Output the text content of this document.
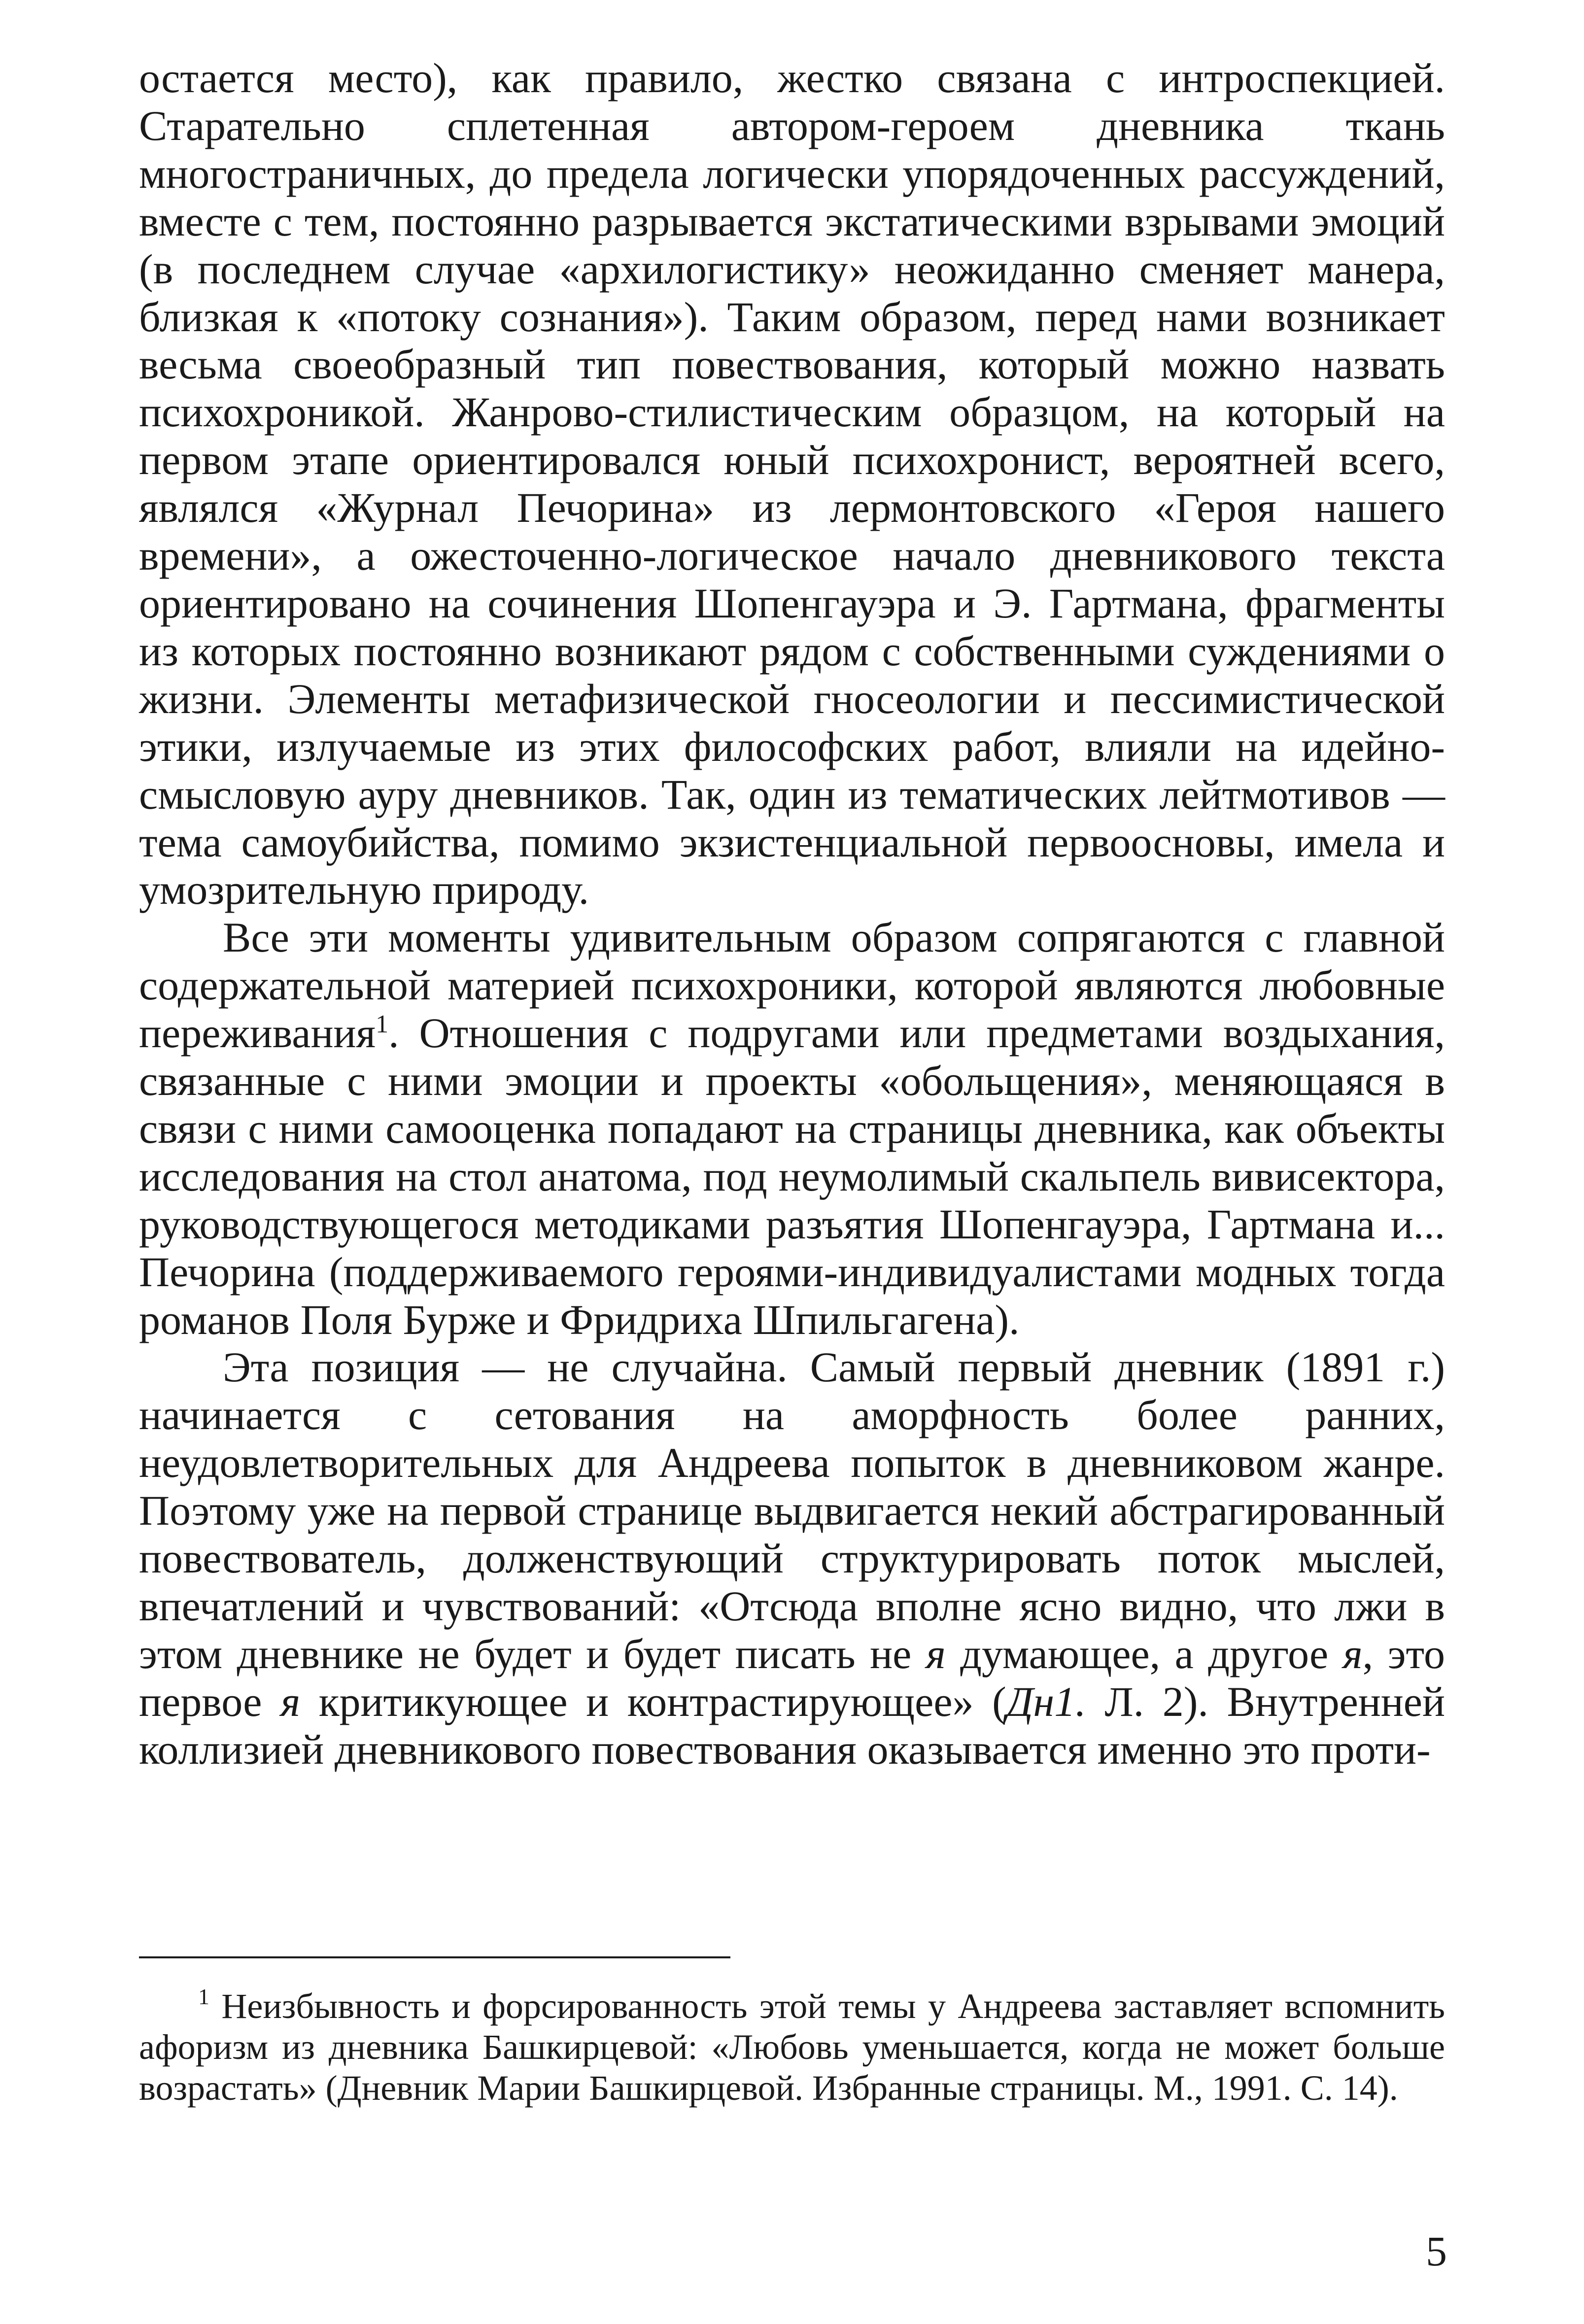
остается место), как правило, жестко связана с интроспекцией. Старательно сплетенная автором-героем дневника ткань многостраничных, до предела логически упорядоченных рассуждений, вместе с тем, постоянно разрывается экстатическими взрывами эмоций (в последнем случае «архилогистику» неожиданно сменяет манера, близкая к «потоку сознания»). Таким образом, перед нами возникает весьма своеобразный тип повествования, который можно назвать психохроникой. Жанрово-стилистическим образцом, на который на первом этапе ориентировался юный психохронист, вероятней всего, являлся «Журнал Печорина» из лермонтовского «Героя нашего времени», а ожесточенно-логическое начало дневникового текста ориентировано на сочинения Шопенгауэра и Э. Гартмана, фрагменты из которых постоянно возникают рядом с собственными суждениями о жизни. Элементы метафизической гносеологии и пессимистической этики, излучаемые из этих философских работ, влияли на идейно-смысловую ауру дневников. Так, один из тематических лейтмотивов — тема самоубийства, помимо экзистенциальной первоосновы, имела и умозрительную природу.

Все эти моменты удивительным образом сопрягаются с главной содержательной материей психохроники, которой являются любовные переживания$^1$. Отношения с подругами или предметами воздыхания, связанные с ними эмоции и проекты «обольщения», меняющаяся в связи с ними самооценка попадают на страницы дневника, как объекты исследования на стол анатома, под неумолимый скальпель вивисектора, руководствующегося методиками разъятия Шопенгауэра, Гартмана и... Печорина (поддерживаемого героями-индивидуалистами модных тогда романов Поля Бурже и Фридриха Шпильгагена).

Эта позиция — не случайна. Самый первый дневник (1891 г.) начинается с сетования на аморфность более ранних, неудовлетворительных для Андреева попыток в дневниковом жанре. Поэтому уже на первой странице выдвигается некий абстрагированный повествователь, долженствующий структурировать поток мыслей, впечатлений и чувствований: «Отсюда вполне ясно видно, что лжи в этом дневнике не будет и будет писать не я думающее, а другое я, это первое я критикующее и контрастирующее» (Дн1. Л. 2). Внутренней коллизией дневникового повествования оказывается именно это проти-

$^1$ Неизбывность и форсированность этой темы у Андреева заставляет вспомнить афоризм из дневника Башкирцевой: «Любовь уменьшается, когда не может больше возрастать» (Дневник Марии Башкирцевой. Избранные страницы. М., 1991. С. 14).

5
